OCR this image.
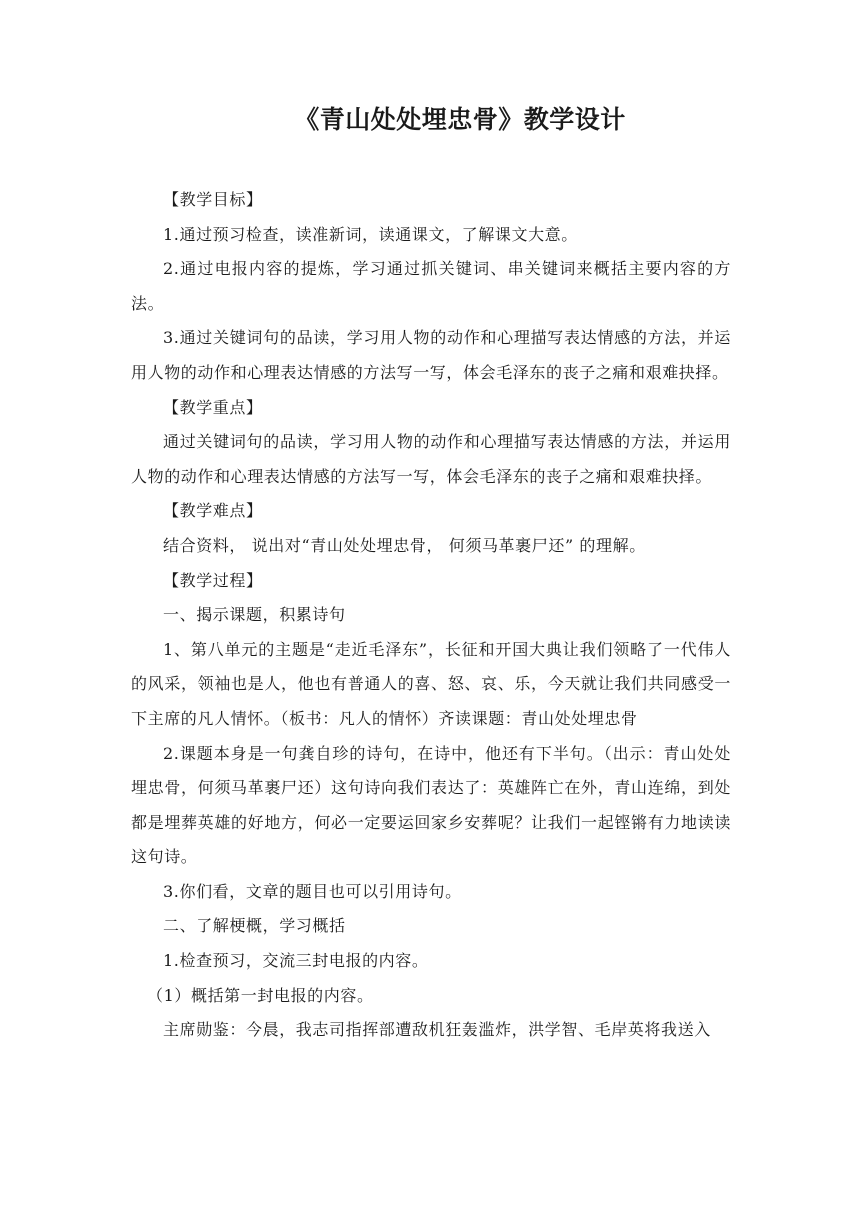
《青山处处埋忠骨》教学设计

【教学目标】

1.通过预习检查，读准新词，读通课文，了解课文大意。

2.通过电报内容的提炼，学习通过抓关键词、串关键词来概括主要内容的方法。

3.通过关键词句的品读，学习用人物的动作和心理描写表达情感的方法，并运用人物的动作和心理表达情感的方法写一写，体会毛泽东的丧子之痛和艰难抉择。

【教学重点】

通过关键词句的品读，学习用人物的动作和心理描写表达情感的方法，并运用人物的动作和心理表达情感的方法写一写，体会毛泽东的丧子之痛和艰难抉择。

【教学难点】

结合资料， 说出对“青山处处埋忠骨， 何须马革裹尸还” 的理解。

【教学过程】

一、揭示课题，积累诗句

1、第八单元的主题是“走近毛泽东”，长征和开国大典让我们领略了一代伟人的风采，领袖也是人，他也有普通人的喜、怒、哀、乐，今天就让我们共同感受一下主席的凡人情怀。（板书：凡人的情怀）齐读课题：青山处处埋忠骨

2.课题本身是一句龚自珍的诗句，在诗中，他还有下半句。（出示：青山处处埋忠骨，何须马革裹尸还）这句诗向我们表达了：英雄阵亡在外，青山连绵，到处都是埋葬英雄的好地方，何必一定要运回家乡安葬呢？让我们一起铿锵有力地读读这句诗。

3.你们看，文章的题目也可以引用诗句。

二、了解梗概，学习概括

1.检查预习，交流三封电报的内容。

（1）概括第一封电报的内容。

主席勋鉴：今晨，我志司指挥部遭敌机狂轰滥炸，洪学智、毛岸英将我送入
